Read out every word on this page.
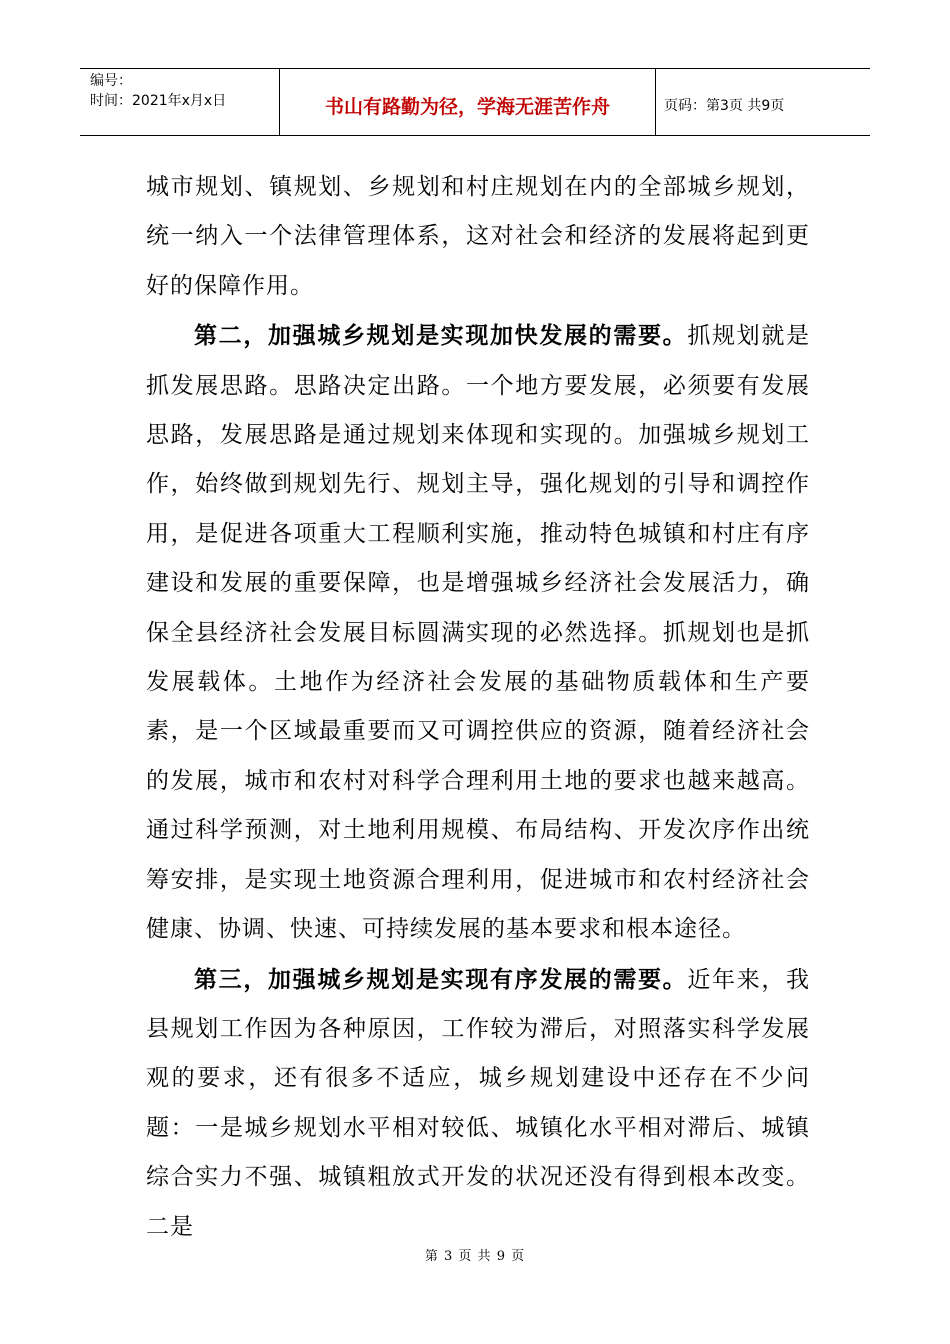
编号：
时间：2021年x月x日	书山有路勤为径，学海无涯苦作舟	页码：第3页 共9页

城市规划、镇规划、乡规划和村庄规划在内的全部城乡规划，统一纳入一个法律管理体系，这对社会和经济的发展将起到更好的保障作用。

第二，加强城乡规划是实现加快发展的需要。抓规划就是抓发展思路。思路决定出路。一个地方要发展，必须要有发展思路，发展思路是通过规划来体现和实现的。加强城乡规划工作，始终做到规划先行、规划主导，强化规划的引导和调控作用，是促进各项重大工程顺利实施，推动特色城镇和村庄有序建设和发展的重要保障，也是增强城乡经济社会发展活力，确保全县经济社会发展目标圆满实现的必然选择。抓规划也是抓发展载体。土地作为经济社会发展的基础物质载体和生产要素，是一个区域最重要而又可调控供应的资源，随着经济社会的发展，城市和农村对科学合理利用土地的要求也越来越高。通过科学预测，对土地利用规模、布局结构、开发次序作出统筹安排，是实现土地资源合理利用，促进城市和农村经济社会健康、协调、快速、可持续发展的基本要求和根本途径。

第三，加强城乡规划是实现有序发展的需要。近年来，我县规划工作因为各种原因，工作较为滞后，对照落实科学发展观的要求，还有很多不适应，城乡规划建设中还存在不少问题：一是城乡规划水平相对较低、城镇化水平相对滞后、城镇综合实力不强、城镇粗放式开发的状况还没有得到根本改变。二是

第 3 页 共 9 页
